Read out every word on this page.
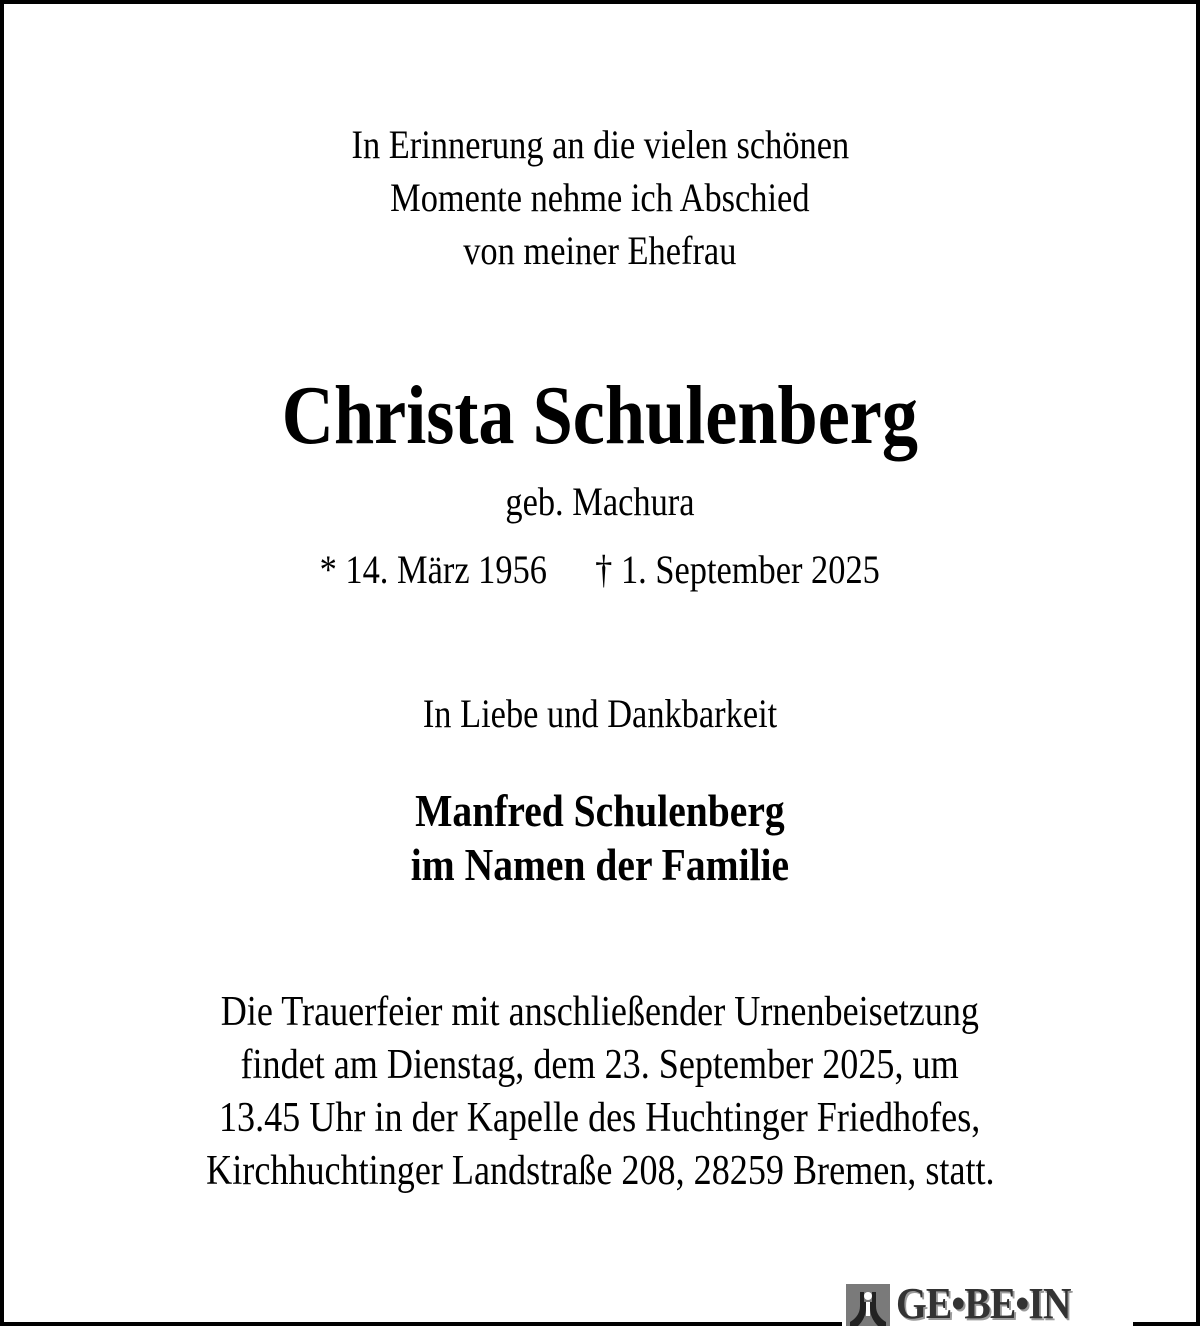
In Erinnerung an die vielen schönen
Momente nehme ich Abschied
von meiner Ehefrau
Christa Schulenberg
geb. Machura
* 14. März 1956 † 1. September 2025
In Liebe und Dankbarkeit
Manfred Schulenberg
im Namen der Familie
Die Trauerfeier mit anschließender Urnenbeisetzung
findet am Dienstag, dem 23. September 2025, um
13.45 Uhr in der Kapelle des Huchtinger Friedhofes,
Kirchhuchtinger Landstraße 208, 28259 Bremen, statt.
GE•BE•IN
